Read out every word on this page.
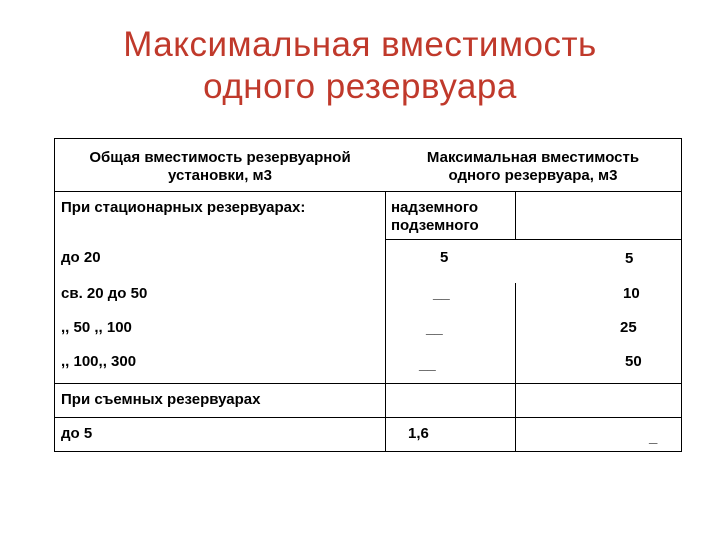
Максимальная вместимость
одного резервуара
Общая вместимость резервуарной
установки, м3
Максимальная вместимость
одного резервуара, м3
При стационарных резервуарах:	надземного
подземного
до 20	5	5
св. 20 до 50	__	10
,, 50 ,, 100	__	25
,, 100,, 300	__	50
При съемных резервуарах
до 5	1,6	_
